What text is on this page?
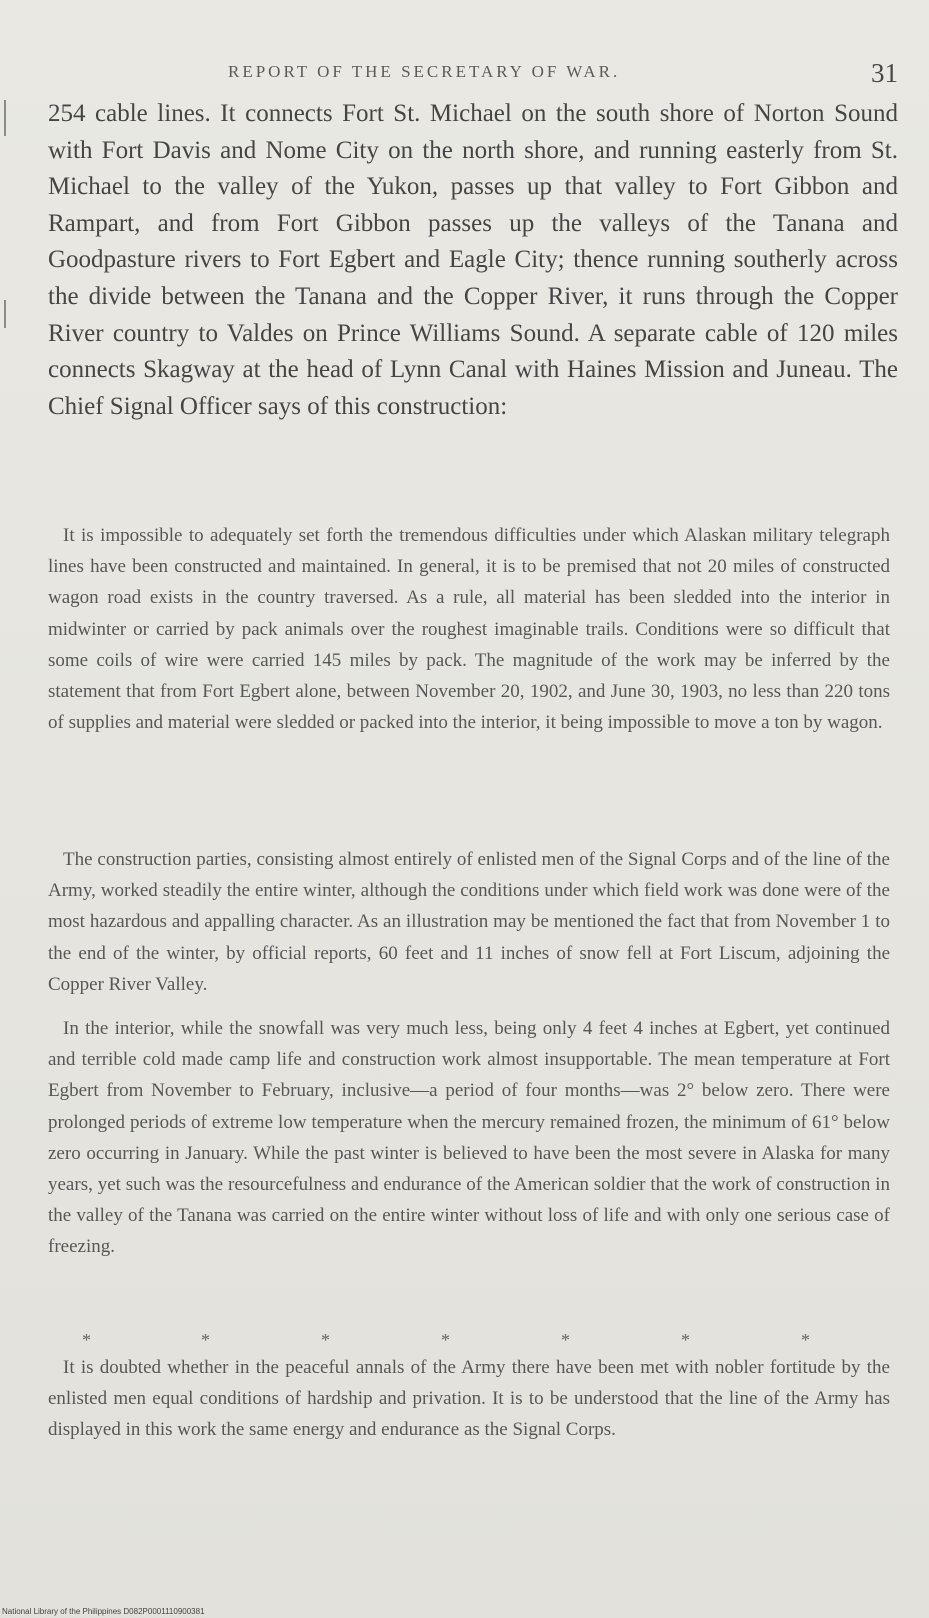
REPORT OF THE SECRETARY OF WAR.	31

254 cable lines. It connects Fort St. Michael on the south shore of Norton Sound with Fort Davis and Nome City on the north shore, and running easterly from St. Michael to the valley of the Yukon, passes up that valley to Fort Gibbon and Rampart, and from Fort Gibbon passes up the valleys of the Tanana and Goodpasture rivers to Fort Egbert and Eagle City; thence running southerly across the divide between the Tanana and the Copper River, it runs through the Copper River country to Valdes on Prince Williams Sound. A separate cable of 120 miles connects Skagway at the head of Lynn Canal with Haines Mission and Juneau. The Chief Signal Officer says of this construction:

It is impossible to adequately set forth the tremendous difficulties under which Alaskan military telegraph lines have been constructed and maintained. In general, it is to be premised that not 20 miles of constructed wagon road exists in the country traversed. As a rule, all material has been sledded into the interior in midwinter or carried by pack animals over the roughest imaginable trails. Conditions were so difficult that some coils of wire were carried 145 miles by pack. The magnitude of the work may be inferred by the statement that from Fort Egbert alone, between November 20, 1902, and June 30, 1903, no less than 220 tons of supplies and material were sledded or packed into the interior, it being impossible to move a ton by wagon.

The construction parties, consisting almost entirely of enlisted men of the Signal Corps and of the line of the Army, worked steadily the entire winter, although the conditions under which field work was done were of the most hazardous and appalling character. As an illustration may be mentioned the fact that from November 1 to the end of the winter, by official reports, 60 feet and 11 inches of snow fell at Fort Liscum, adjoining the Copper River Valley.

In the interior, while the snowfall was very much less, being only 4 feet 4 inches at Egbert, yet continued and terrible cold made camp life and construction work almost insupportable. The mean temperature at Fort Egbert from November to February, inclusive—a period of four months—was 2° below zero. There were prolonged periods of extreme low temperature when the mercury remained frozen, the minimum of 61° below zero occurring in January. While the past winter is believed to have been the most severe in Alaska for many years, yet such was the resourcefulness and endurance of the American soldier that the work of construction in the valley of the Tanana was carried on the entire winter without loss of life and with only one serious case of freezing.

*	*	*	*	*	*	*

It is doubted whether in the peaceful annals of the Army there have been met with nobler fortitude by the enlisted men equal conditions of hardship and privation. It is to be understood that the line of the Army has displayed in this work the same energy and endurance as the Signal Corps.

National Library of the Philippines D082P0001110900381
